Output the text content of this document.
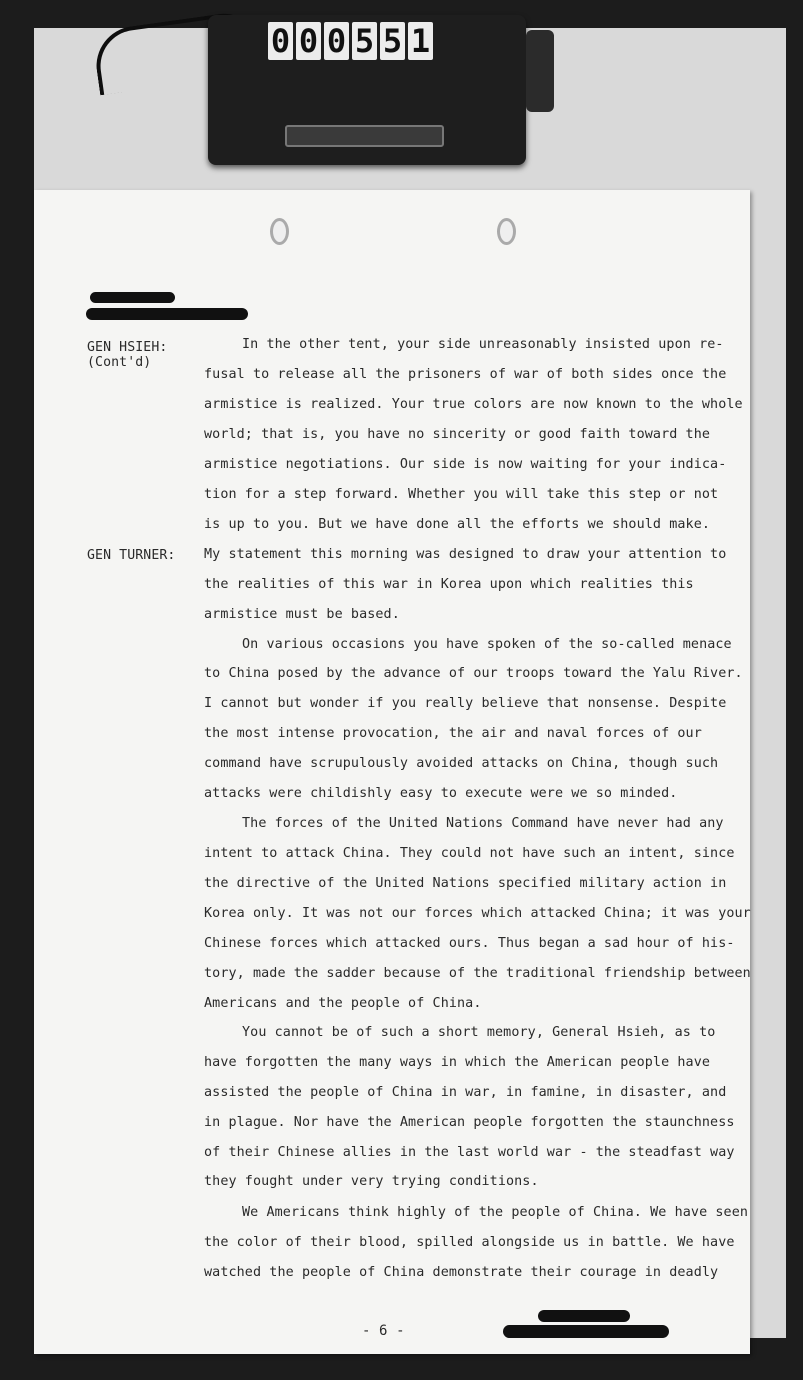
0 0 0 5 5 1
GEN HSIEH:
(Cont'd)
GEN TURNER:
In the other tent, your side unreasonably insisted upon re-
fusal to release all the prisoners of war of both sides once the
armistice is realized. Your true colors are now known to the whole
world; that is, you have no sincerity or good faith toward the
armistice negotiations. Our side is now waiting for your indica-
tion for a step forward. Whether you will take this step or not
is up to you. But we have done all the efforts we should make.
My statement this morning was designed to draw your attention to
the realities of this war in Korea upon which realities this
armistice must be based.
On various occasions you have spoken of the so-called menace
to China posed by the advance of our troops toward the Yalu River.
I cannot but wonder if you really believe that nonsense. Despite
the most intense provocation, the air and naval forces of our
command have scrupulously avoided attacks on China, though such
attacks were childishly easy to execute were we so minded.
The forces of the United Nations Command have never had any
intent to attack China. They could not have such an intent, since
the directive of the United Nations specified military action in
Korea only. It was not our forces which attacked China; it was your
Chinese forces which attacked ours. Thus began a sad hour of his-
tory, made the sadder because of the traditional friendship between
Americans and the people of China.
You cannot be of such a short memory, General Hsieh, as to
have forgotten the many ways in which the American people have
assisted the people of China in war, in famine, in disaster, and
in plague. Nor have the American people forgotten the staunchness
of their Chinese allies in the last world war - the steadfast way
they fought under very trying conditions.
We Americans think highly of the people of China. We have seen
the color of their blood, spilled alongside us in battle. We have
watched the people of China demonstrate their courage in deadly
- 6 -
